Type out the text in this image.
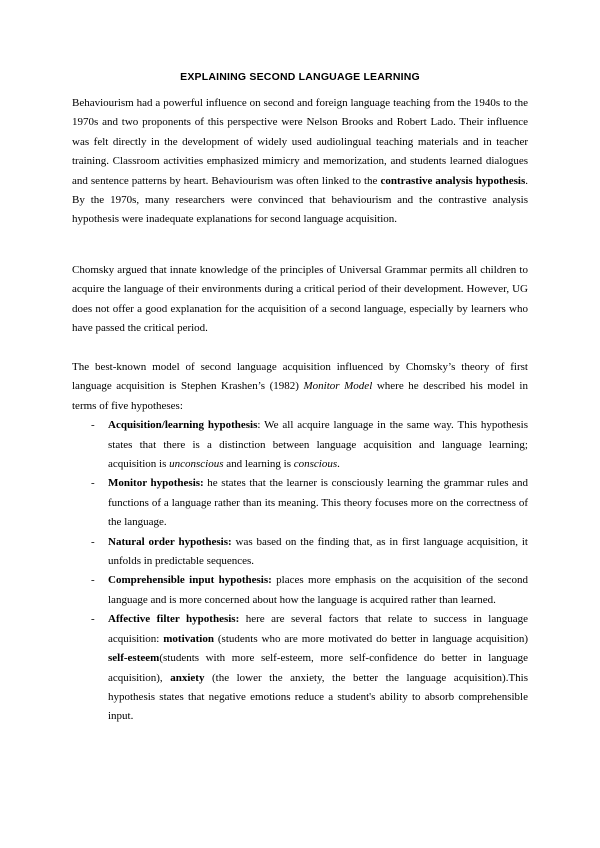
EXPLAINING SECOND LANGUAGE LEARNING

Behaviourism had a powerful influence on second and foreign language teaching from the 1940s to the 1970s and two proponents of this perspective were Nelson Brooks and Robert Lado. Their influence was felt directly in the development of widely used audiolingual teaching materials and in teacher training. Classroom activities emphasized mimicry and memorization, and students learned dialogues and sentence patterns by heart. Behaviourism was often linked to the contrastive analysis hypothesis. By the 1970s, many researchers were convinced that behaviourism and the contrastive analysis hypothesis were inadequate explanations for second language acquisition.

Chomsky argued that innate knowledge of the principles of Universal Grammar permits all children to acquire the language of their environments during a critical period of their development. However, UG does not offer a good explanation for the acquisition of a second language, especially by learners who have passed the critical period.

The best-known model of second language acquisition influenced by Chomsky’s theory of first language acquisition is Stephen Krashen’s (1982) Monitor Model where he described his model in terms of five hypotheses:

- Acquisition/learning hypothesis: We all acquire language in the same way. This hypothesis states that there is a distinction between language acquisition and language learning; acquisition is unconscious and learning is conscious.
- Monitor hypothesis: he states that the learner is consciously learning the grammar rules and functions of a language rather than its meaning. This theory focuses more on the correctness of the language.
- Natural order hypothesis: was based on the finding that, as in first language acquisition, it unfolds in predictable sequences.
- Comprehensible input hypothesis: places more emphasis on the acquisition of the second language and is more concerned about how the language is acquired rather than learned.
- Affective filter hypothesis: here are several factors that relate to success in language acquisition: motivation (students who are more motivated do better in language acquisition) self-esteem(students with more self-esteem, more self-confidence do better in language acquisition), anxiety (the lower the anxiety, the better the language acquisition).This hypothesis states that negative emotions reduce a student's ability to absorb comprehensible input.
